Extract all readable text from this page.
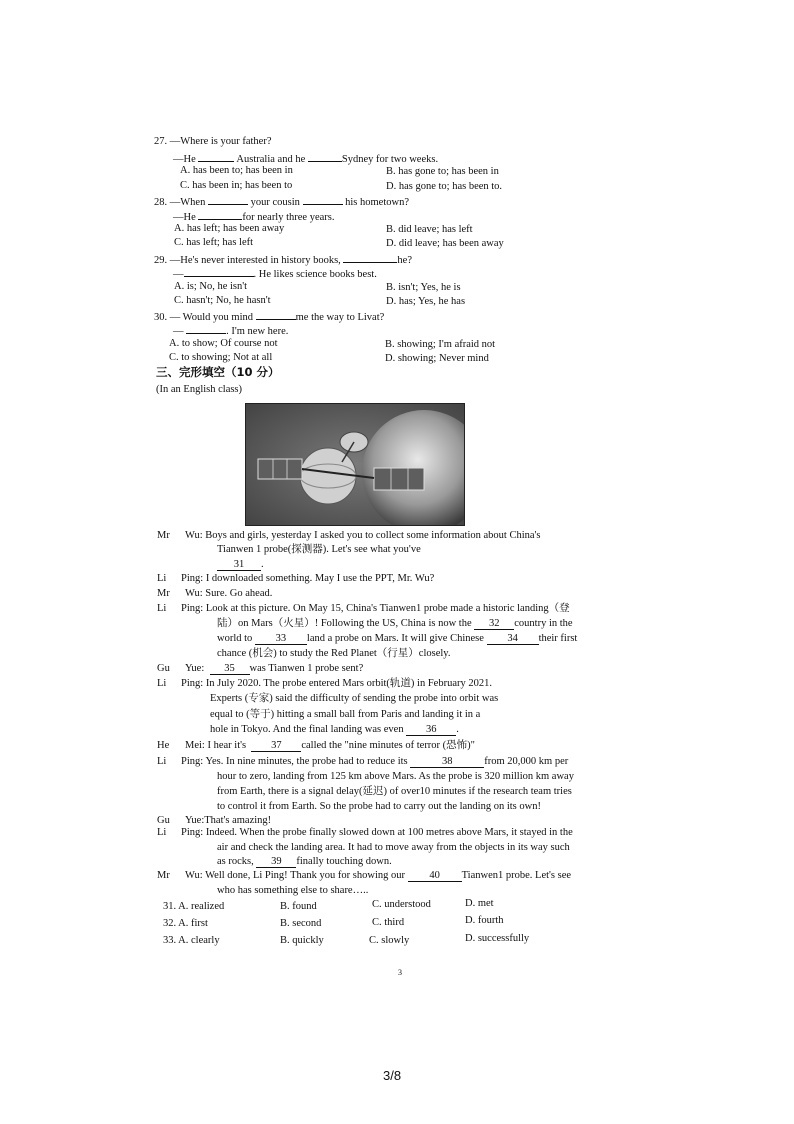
27. —Where is your father?
—He	Australia and he	Sydney for two weeks.
A. has been to; has been in	B. has gone to; has been in
C. has been in; has been to	D. has gone to; has been to.
28. —When	your cousin	his hometown?
—He	for nearly three years.
A. has left; has been away	B. did leave; has left
C. has left; has left	D. did leave; has been away
29. —He's never interested in history books,	he?
—	. He likes science books best.
A. is; No, he isn't	B. isn't; Yes, he is
C. hasn't; No, he hasn't	D. has; Yes, he has
30. — Would you mind	me the way to Livat?
—	. I'm new here.
A. to show; Of course not	B. showing; I'm afraid not
C. to showing; Not at all	D. showing; Never mind
三、完形填空（10 分）
(In an English class)
Mr Wu: Boys and girls, yesterday I asked you to collect some information about China's
Tianwen 1 probe(探测器). Let's see what you've
31 .
Li Ping: I downloaded something. May I use the PPT, Mr. Wu?
Mr Wu: Sure. Go ahead.
Li Ping: Look at this picture. On May 15, China's Tianwen1 probe made a historic landing（登
陆）on Mars（火星）! Following the US, China is now the 32 country in the
world to 33 land a probe on Mars. It will give Chinese 34 their first
chance (机会) to study the Red Planet（行星）closely.
Gu Yue: 35 was Tianwen 1 probe sent?
Li Ping: In July 2020. The probe entered Mars orbit(轨道) in February 2021.
Experts (专家) said the difficulty of sending the probe into orbit was
equal to (等于) hitting a small ball from Paris and landing it in a
hole in Tokyo. And the final landing was even 36 .
He Mei: I hear it's 37 called the "nine minutes of terror (恐怖)"
Li Ping: Yes. In nine minutes, the probe had to reduce its	38	from 20,000 km per
hour to zero, landing from 125 km above Mars. As the probe is 320 million km away
from Earth, there is a signal delay(延迟) of over10 minutes if the research team tries
to control it from Earth. So the probe had to carry out the landing on its own!
Gu Yue:That's amazing!
Li Ping: Indeed. When the probe finally slowed down at 100 metres above Mars, it stayed in the
air and check the landing area. It had to move away from the objects in its way such
as rocks, 39 finally touching down.
Mr Wu: Well done, Li Ping! Thank you for showing our 40 Tianwen1 probe. Let's see
who has something else to share…..
31. A. realized	B. found	C. understood	D. met
32. A. first	B. second	C. third	D. fourth
33. A. clearly	B. quickly	C. slowly	D. successfully
3
3/8
